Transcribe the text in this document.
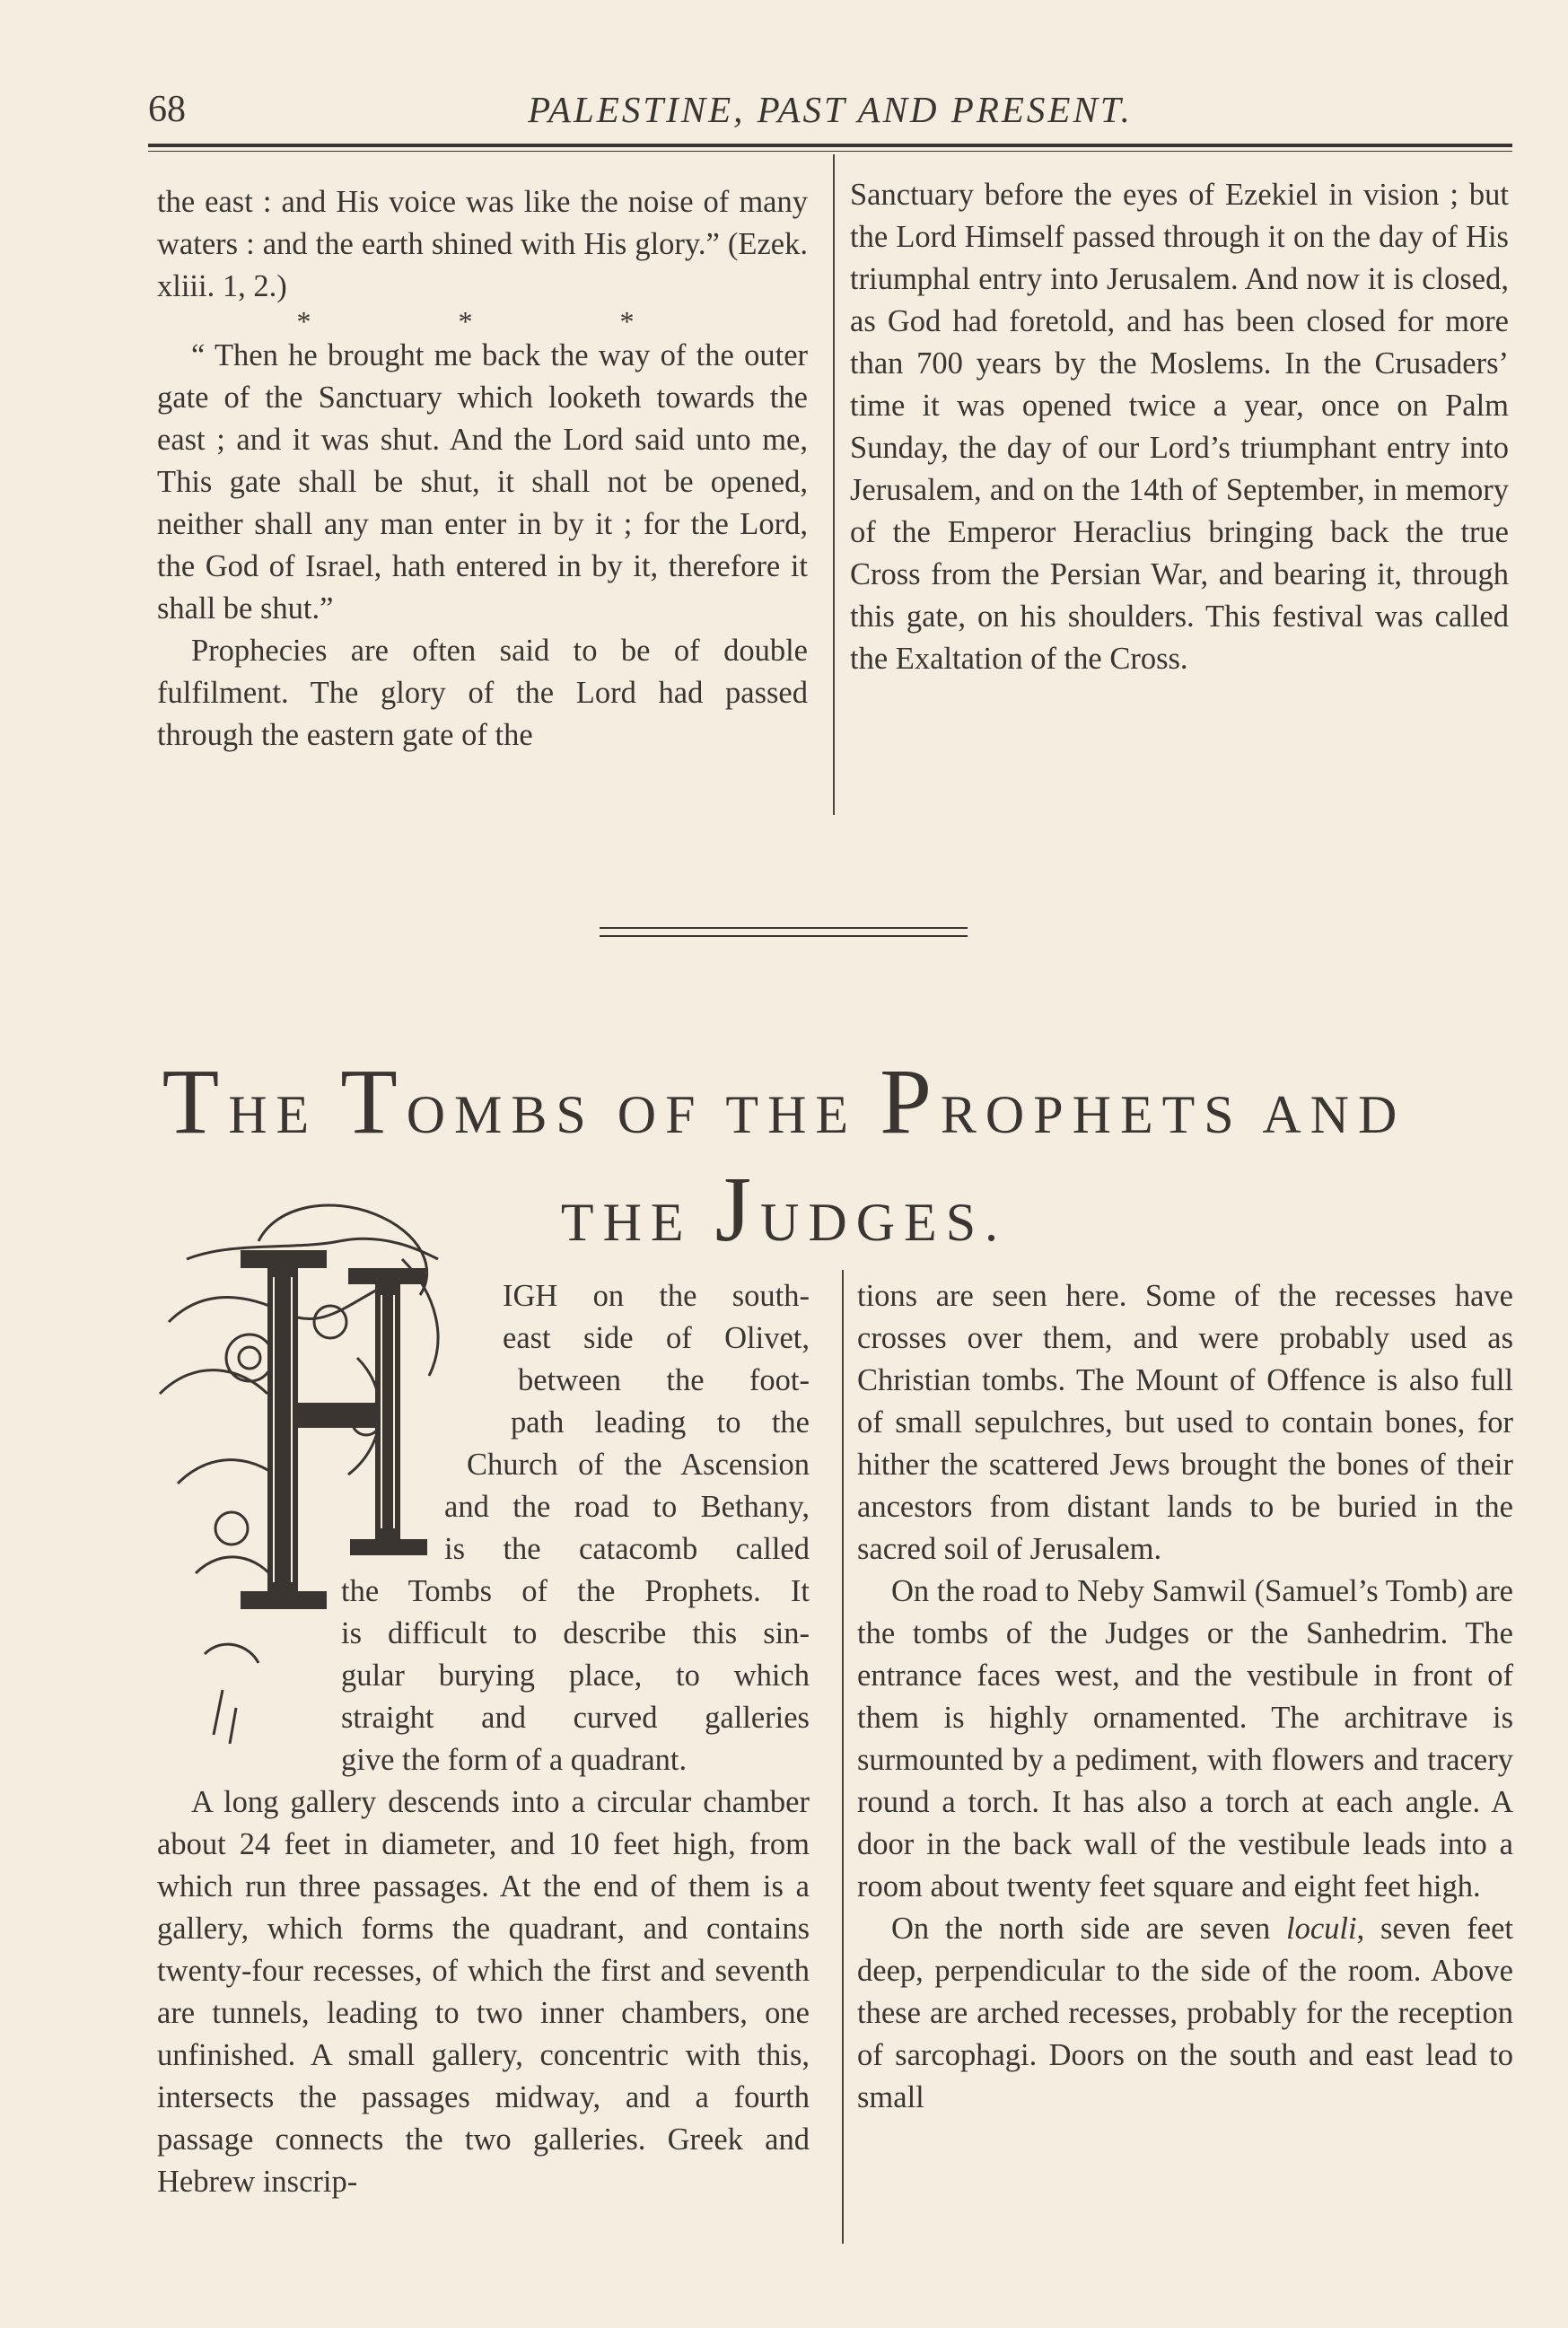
68	PALESTINE, PAST AND PRESENT.

the east : and His voice was like the noise of many waters : and the earth shined with His glory.” (Ezek. xliii. 1, 2.)

* * *

“ Then he brought me back the way of the outer gate of the Sanctuary which looketh towards the east ; and it was shut. And the Lord said unto me, This gate shall be shut, it shall not be opened, neither shall any man enter in by it ; for the Lord, the God of Israel, hath entered in by it, therefore it shall be shut.”

Prophecies are often said to be of double fulfilment. The glory of the Lord had passed through the eastern gate of the

Sanctuary before the eyes of Ezekiel in vision ; but the Lord Himself passed through it on the day of His triumphal entry into Jerusalem. And now it is closed, as God had foretold, and has been closed for more than 700 years by the Moslems. In the Crusaders’ time it was opened twice a year, once on Palm Sunday, the day of our Lord’s triumphant entry into Jerusalem, and on the 14th of September, in memory of the Emperor Heraclius bringing back the true Cross from the Persian War, and bearing it, through this gate, on his shoulders. This festival was called the Exaltation of the Cross.

THE TOMBS OF THE PROPHETS AND
THE JUDGES.
IGH on the south-
east side of Olivet,
between the foot-
path leading to the
Church of the Ascension
and the road to Bethany,
is the catacomb called
the Tombs of the Prophets. It
is difficult to describe this sin-
gular burying place, to which
straight and curved galleries
give the form of a quadrant.

A long gallery descends into a circular chamber about 24 feet in diameter, and 10 feet high, from which run three passages. At the end of them is a gallery, which forms the quadrant, and contains twenty-four recesses, of which the first and seventh are tunnels, leading to two inner chambers, one unfinished. A small gallery, concentric with this, intersects the passages midway, and a fourth passage connects the two galleries. Greek and Hebrew inscrip-

tions are seen here. Some of the recesses have crosses over them, and were probably used as Christian tombs. The Mount of Offence is also full of small sepulchres, but used to contain bones, for hither the scattered Jews brought the bones of their ancestors from distant lands to be buried in the sacred soil of Jerusalem.

On the road to Neby Samwil (Samuel’s Tomb) are the tombs of the Judges or the Sanhedrim. The entrance faces west, and the vestibule in front of them is highly ornamented. The architrave is surmounted by a pediment, with flowers and tracery round a torch. It has also a torch at each angle. A door in the back wall of the vestibule leads into a room about twenty feet square and eight feet high.

On the north side are seven loculi, seven feet deep, perpendicular to the side of the room. Above these are arched recesses, probably for the reception of sarcophagi. Doors on the south and east lead to small
